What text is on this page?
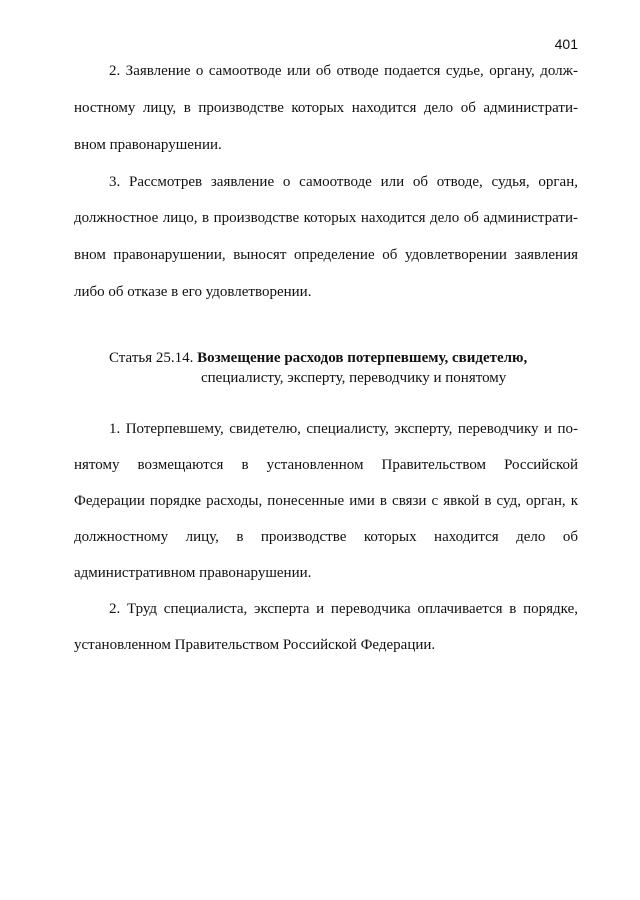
401
2. Заявление о самоотводе или об отводе подается судье, органу, долж-
ностному лицу, в производстве которых находится дело об администрати-
вном правонарушении.
3. Рассмотрев заявление о самоотводе или об отводе, судья, орган,
должностное лицо, в производстве которых находится дело об администрати-
вном правонарушении, выносят определение об удовлетворении заявления
либо об отказе в его удовлетворении.
Статья 25.14. Возмещение расходов потерпевшему, свидетелю,
специалисту, эксперту, переводчику и понятому
1. Потерпевшему, свидетелю, специалисту, эксперту, переводчику и по-
нятому возмещаются в установленном Правительством Российской
Федерации порядке расходы, понесенные ими в связи с явкой в суд, орган, к
должностному лицу, в производстве которых находится дело об
административном правонарушении.
2. Труд специалиста, эксперта и переводчика оплачивается в порядке,
установленном Правительством Российской Федерации.
